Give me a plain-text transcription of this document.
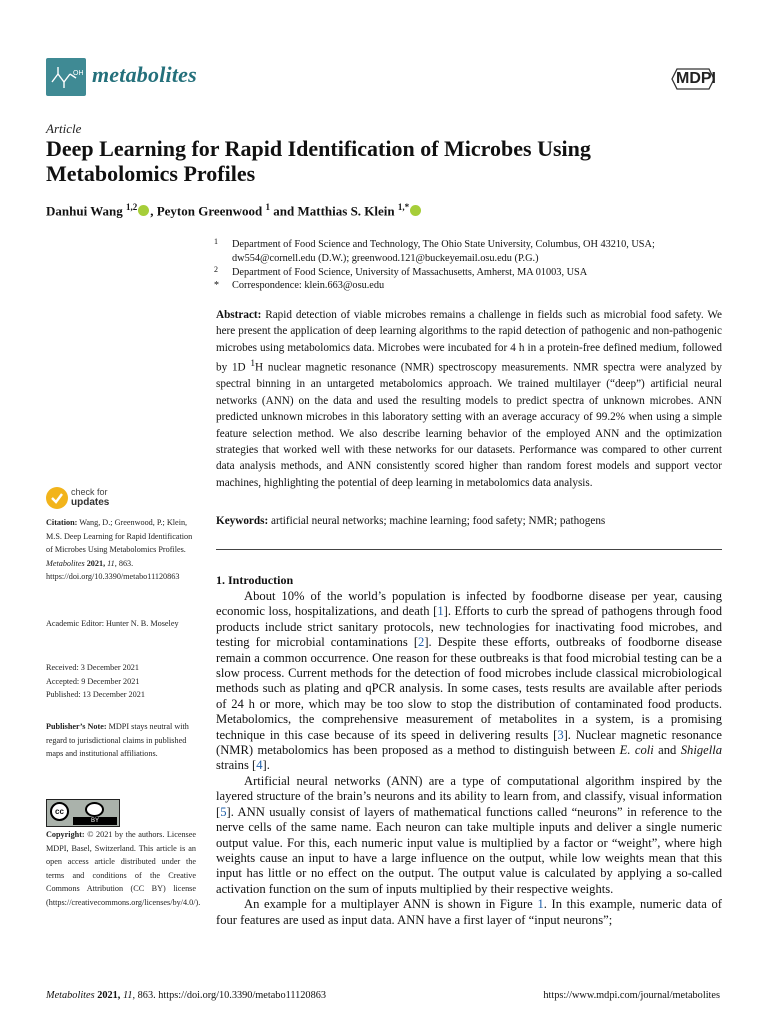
OH metabolites	MDPI
Article
Deep Learning for Rapid Identification of Microbes Using Metabolomics Profiles
Danhui Wang $^{1,2}$ , Peyton Greenwood $^1$ and Matthias S. Klein $^{1,*}$
1 Department of Food Science and Technology, The Ohio State University, Columbus, OH 43210, USA;
dw554@cornell.edu (D.W.); greenwood.121@buckeyemail.osu.edu (P.G.)
2 Department of Food Science, University of Massachusetts, Amherst, MA 01003, USA
* Correspondence: klein.663@osu.edu
Abstract: Rapid detection of viable microbes remains a challenge in fields such as microbial food safety. We here present the application of deep learning algorithms to the rapid detection of pathogenic and non-pathogenic microbes using metabolomics data. Microbes were incubated for 4 h in a protein-free defined medium, followed by 1D $^1$H nuclear magnetic resonance (NMR) spectroscopy measurements. NMR spectra were analyzed by spectral binning in an untargeted metabolomics approach. We trained multilayer (“deep”) artificial neural networks (ANN) on the data and used the resulting models to predict spectra of unknown microbes. ANN predicted unknown microbes in this laboratory setting with an average accuracy of 99.2% when using a simple feature selection method. We also describe learning behavior of the employed ANN and the optimization strategies that worked well with these networks for our datasets. Performance was compared to other current data analysis methods, and ANN consistently scored higher than random forest models and support vector machines, highlighting the potential of deep learning in metabolomics data analysis.
Keywords: artificial neural networks; machine learning; food safety; NMR; pathogens
check for
updates
Citation: Wang, D.; Greenwood, P.; Klein, M.S. Deep Learning for Rapid Identification of Microbes Using Metabolomics Profiles. Metabolites 2021, 11, 863. https://doi.org/10.3390/metabo11120863
Academic Editor: Hunter N. B. Moseley
Received: 3 December 2021
Accepted: 9 December 2021
Published: 13 December 2021
Publisher’s Note: MDPI stays neutral with regard to jurisdictional claims in published maps and institutional affiliations.
cc
BY
Copyright: © 2021 by the authors. Licensee MDPI, Basel, Switzerland. This article is an open access article distributed under the terms and conditions of the Creative Commons Attribution (CC BY) license (https://creativecommons.org/licenses/by/4.0/).
1. Introduction

About 10% of the world’s population is infected by foodborne disease per year, causing economic loss, hospitalizations, and death [1]. Efforts to curb the spread of pathogens through food products include strict sanitary protocols, new technologies for inactivating food microbes, and testing for microbial contaminations [2]. Despite these efforts, outbreaks of foodborne disease remain a common occurrence. One reason for these outbreaks is that food microbial testing can be a slow process. Current methods for the detection of food microbes include classical microbiological methods such as plating and qPCR analysis. In some cases, tests results are available after periods of 24 h or more, which may be too slow to stop the distribution of contaminated food products. Metabolomics, the comprehensive measurement of metabolites in a system, is a promising technique in this case because of its speed in delivering results [3]. Nuclear magnetic resonance (NMR) metabolomics has been proposed as a method to distinguish between E. coli and Shigella strains [4].

Artificial neural networks (ANN) are a type of computational algorithm inspired by the layered structure of the brain’s neurons and its ability to learn from, and classify, visual information [5]. ANN usually consist of layers of mathematical functions called “neurons” in reference to the nerve cells of the same name. Each neuron can take multiple inputs and deliver a single numeric output value. For this, each numeric input value is multiplied by a factor or “weight”, where high weights cause an input to have a large influence on the output, while low weights mean that this input has little or no effect on the output. The output value is calculated by applying a so-called activation function on the sum of inputs multiplied by their respective weights.

An example for a multiplayer ANN is shown in Figure 1. In this example, numeric data of four features are used as input data. ANN have a first layer of “input neurons”;

Metabolites 2021, 11, 863. https://doi.org/10.3390/metabo11120863	https://www.mdpi.com/journal/metabolites
